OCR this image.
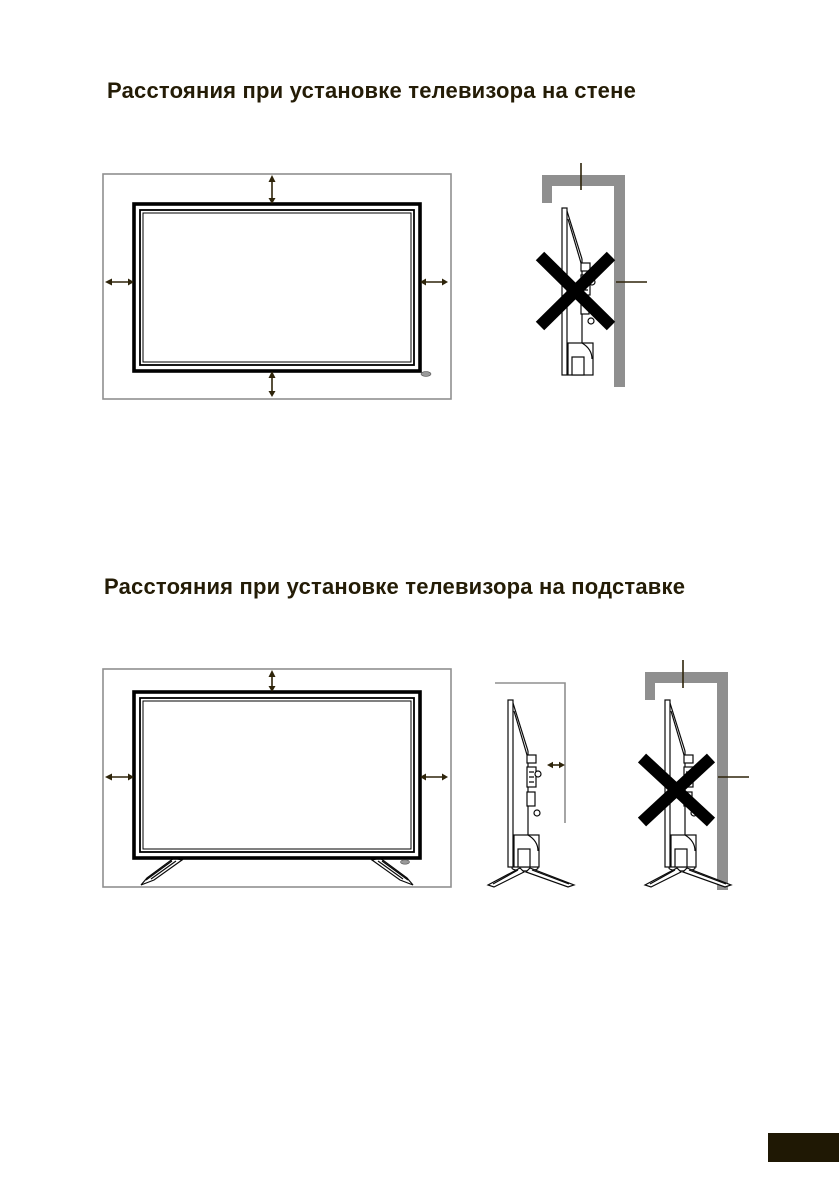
Расстояния при установке телевизора на стене
Расстояния при установке телевизора на подставке
